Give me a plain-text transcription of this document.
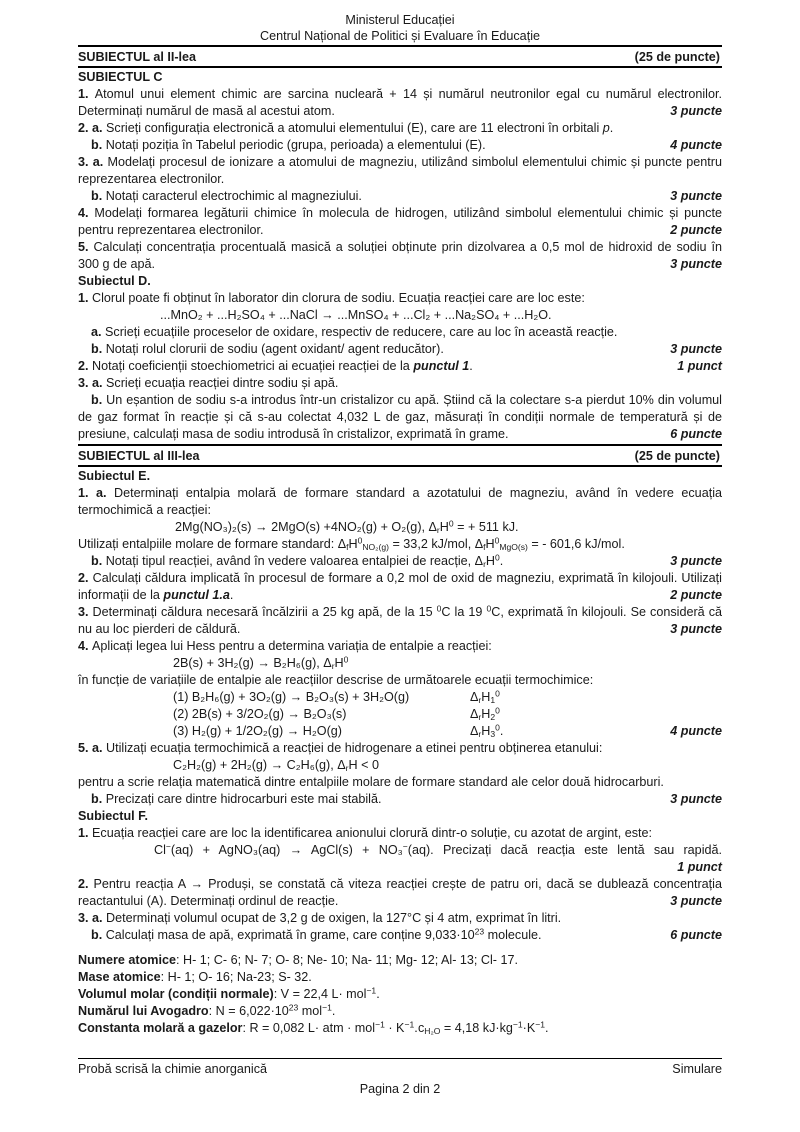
Ministerul Educației
Centrul Național de Politici și Evaluare în Educație
SUBIECTUL al II-lea	(25 de puncte)
SUBIECTUL C
1. Atomul unui element chimic are sarcina nucleară + 14 și numărul neutronilor egal cu numărul electronilor.
Determinați numărul de masă al acestui atom.	3 puncte
2. a. Scrieți configurația electronică a atomului elementului (E), care are 11 electroni în orbitali p.
b. Notați poziția în Tabelul periodic (grupa, perioada) a elementului (E).	4 puncte
3. a. Modelați procesul de ionizare a atomului de magneziu, utilizând simbolul elementului chimic și puncte pentru
reprezentarea electronilor.
b. Notați caracterul electrochimic al magneziului.	3 puncte
4. Modelați formarea legăturii chimice în molecula de hidrogen, utilizând simbolul elementului chimic și puncte
pentru reprezentarea electronilor.	2 puncte
5. Calculați concentrația procentuală masică a soluției obținute prin dizolvarea a 0,5 mol de hidroxid de sodiu în
300 g de apă.	3 puncte
Subiectul D.
1. Clorul poate fi obținut în laborator din clorura de sodiu. Ecuația reacției care are loc este:
...MnO₂ + ...H₂SO₄ + ...NaCl → ...MnSO₄ + ...Cl₂ + ...Na₂SO₄ + ...H₂O.
a. Scrieți ecuațiile proceselor de oxidare, respectiv de reducere, care au loc în această reacție.
b. Notați rolul clorurii de sodiu (agent oxidant/ agent reducător).	3 puncte
2. Notați coeficienții stoechiometrici ai ecuației reacției de la punctul 1.	1 punct
3. a. Scrieți ecuația reacției dintre sodiu și apă.
b. Un eșantion de sodiu s-a introdus într-un cristalizor cu apă. Știind că la colectare s-a pierdut 10% din volumul
de gaz format în reacție și că s-au colectat 4,032 L de gaz, măsurați în condiții normale de temperatură și de
presiune, calculați masa de sodiu introdusă în cristalizor, exprimată în grame.	6 puncte
SUBIECTUL al III-lea	(25 de puncte)
Subiectul E.
1. a. Determinați entalpia molară de formare standard a azotatului de magneziu, având în vedere ecuația
termochimică a reacției:
2Mg(NO₃)₂(s) → 2MgO(s) +4NO₂(g) + O₂(g), ΔrH$^0$ = + 511 kJ.
Utilizați entalpiile molare de formare standard: ΔfH$^0$NO₂(g) = 33,2 kJ/mol, ΔfH$^0$MgO(s) = - 601,6 kJ/mol.
b. Notați tipul reacției, având în vedere valoarea entalpiei de reacție, ΔrH$^0$.	3 puncte
2. Calculați căldura implicată în procesul de formare a 0,2 mol de oxid de magneziu, exprimată în kilojouli. Utilizați
informații de la punctul 1.a.	2 puncte
3. Determinați căldura necesară încălzirii a 25 kg apă, de la 15 $^0$C la 19 $^0$C, exprimată în kilojouli. Se consideră că
nu au loc pierderi de căldură.	3 puncte
4. Aplicați legea lui Hess pentru a determina variația de entalpie a reacției:
2B(s) + 3H₂(g) → B₂H₆(g), ΔrH$^0$
în funcție de variațiile de entalpie ale reacțiilor descrise de următoarele ecuații termochimice:
(1) B₂H₆(g) + 3O₂(g) → B₂O₃(s) + 3H₂O(g)	$\Delta rH1^0$
(2) 2B(s) + 3/2O₂(g) → B₂O₃(s)	$\Delta rH2^0$
(3) H₂(g) + 1/2O₂(g) → H₂O(g)	$\Delta rH3^0$.	4 puncte
5. a. Utilizați ecuația termochimică a reacției de hidrogenare a etinei pentru obținerea etanului:
C₂H₂(g) + 2H₂(g) → C₂H₆(g), ΔrH < 0
pentru a scrie relația matematică dintre entalpiile molare de formare standard ale celor două hidrocarburi.
b. Precizați care dintre hidrocarburi este mai stabilă.	3 puncte
Subiectul F.
1. Ecuația reacției care are loc la identificarea anionului clorură dintr-o soluție, cu azotat de argint, este:
Cl−(aq) + AgNO₃(aq) → AgCl(s) + NO₃−(aq). Precizați dacă reacția este lentă sau rapidă.
1 punct
2. Pentru reacția A → Produși, se constată că viteza reacției crește de patru ori, dacă se dublează concentrația
reactantului (A). Determinați ordinul de reacție.	3 puncte
3. a. Determinați volumul ocupat de 3,2 g de oxigen, la 127°C și 4 atm, exprimat în litri.
b. Calculați masa de apă, exprimată în grame, care conține $9,033\cdot 10^{23}$ molecule.	6 puncte
Numere atomice: H- 1; C- 6; N- 7; O- 8; Ne- 10; Na- 11; Mg- 12; Al- 13; Cl- 17.
Mase atomice: H- 1; O- 16; Na-23; S- 32.
Volumul molar (condiții normale): V = 22,4 L· mol$^{-1}$.
Numărul lui Avogadro: $N = 6,022\cdot 10^{23}$ mol$^{-1}$.
Constanta molară a gazelor: R = 0,082 L· atm · $mol^{-1} \cdot K^{-1}$. cH₂O = 4,18 $kJ\cdot kg^{-1}\cdot K^{-1}$.
Probă scrisă la chimie anorganică	Simulare
Pagina 2 din 2
